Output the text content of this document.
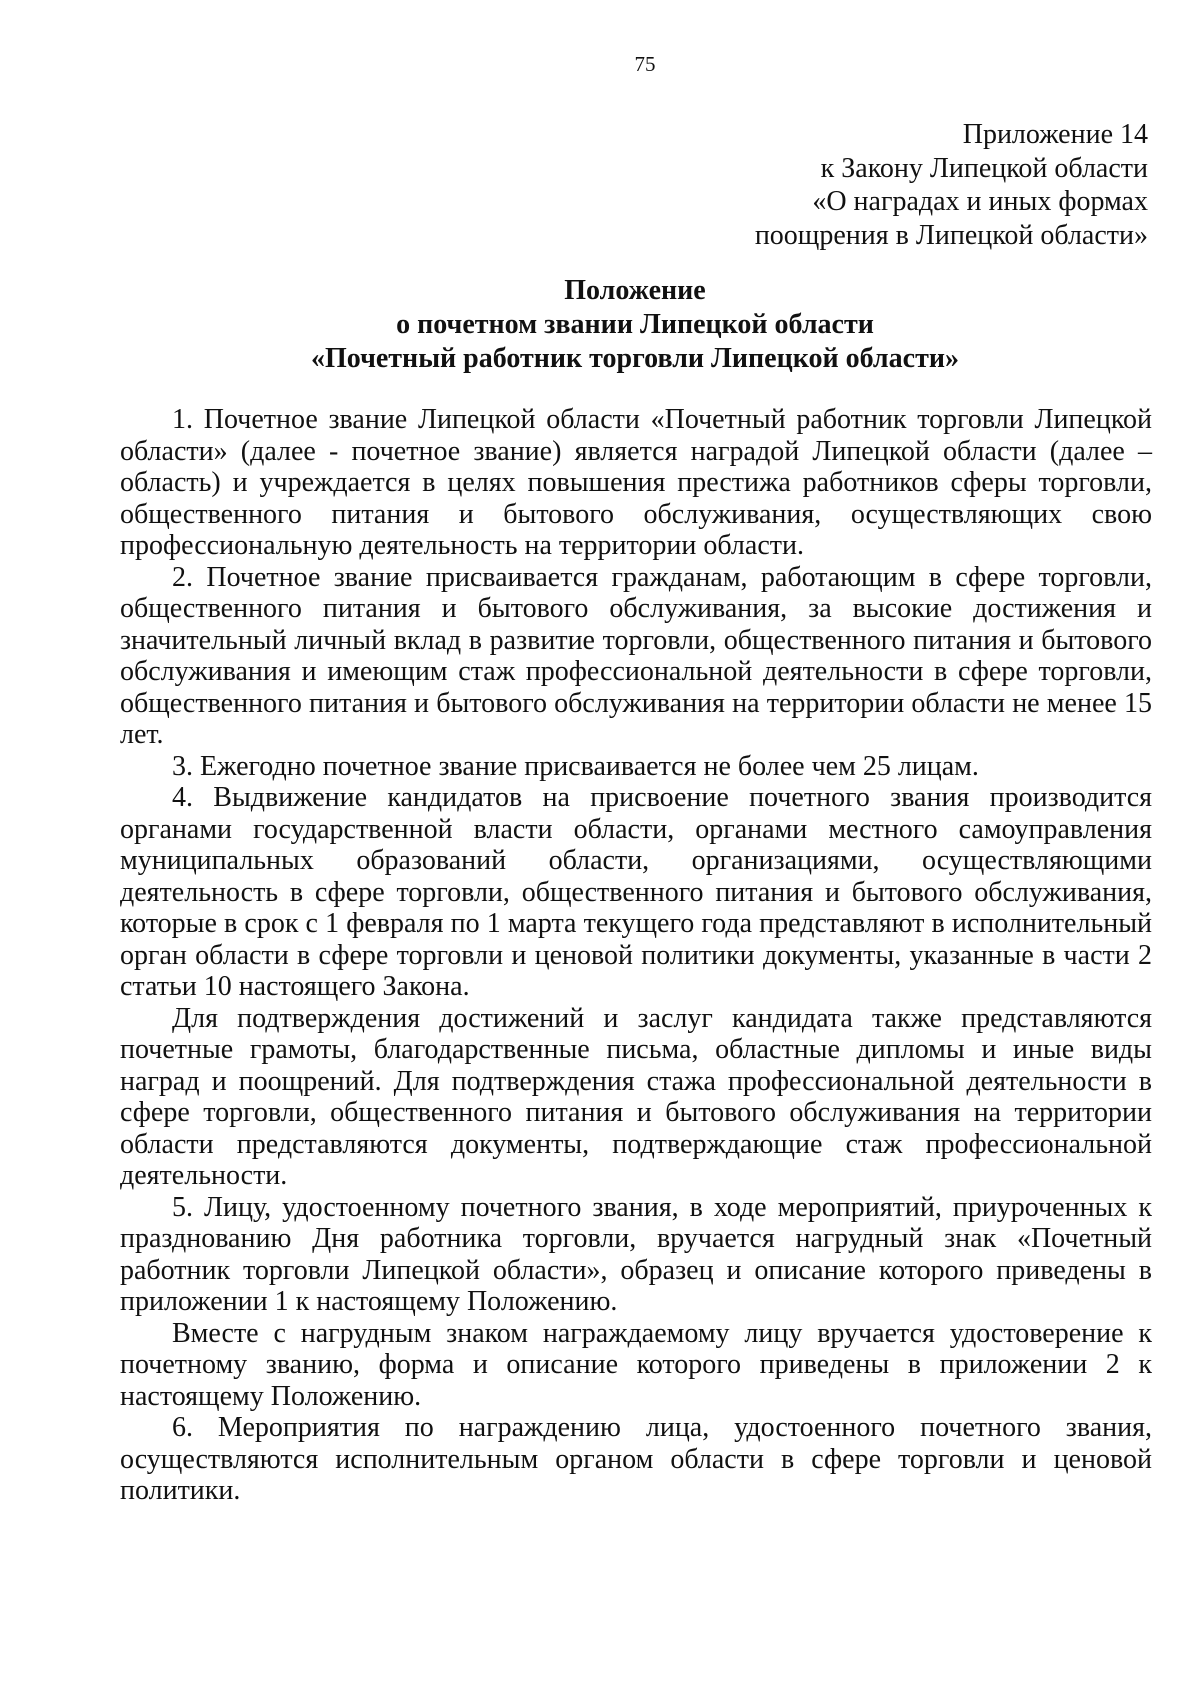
75
Приложение 14
к Закону Липецкой области
«О наградах и иных формах
поощрения в Липецкой области»
Положение
о почетном звании Липецкой области
«Почетный работник торговли Липецкой области»

1. Почетное звание Липецкой области «Почетный работник торговли Липецкой области» (далее - почетное звание) является наградой Липецкой области (далее – область) и учреждается в целях повышения престижа работников сферы торговли, общественного питания и бытового обслуживания, осуществляющих свою профессиональную деятельность на территории области.

2. Почетное звание присваивается гражданам, работающим в сфере торговли, общественного питания и бытового обслуживания, за высокие достижения и значительный личный вклад в развитие торговли, общественного питания и бытового обслуживания и имеющим стаж профессиональной деятельности в сфере торговли, общественного питания и бытового обслуживания на территории области не менее 15 лет.

3. Ежегодно почетное звание присваивается не более чем 25 лицам.

4. Выдвижение кандидатов на присвоение почетного звания производится органами государственной власти области, органами местного самоуправления муниципальных образований области, организациями, осуществляющими деятельность в сфере торговли, общественного питания и бытового обслуживания, которые в срок с 1 февраля по 1 марта текущего года представляют в исполнительный орган области в сфере торговли и ценовой политики документы, указанные в части 2 статьи 10 настоящего Закона.

Для подтверждения достижений и заслуг кандидата также представляются почетные грамоты, благодарственные письма, областные дипломы и иные виды наград и поощрений. Для подтверждения стажа профессиональной деятельности в сфере торговли, общественного питания и бытового обслуживания на территории области представляются документы, подтверждающие стаж профессиональной деятельности.

5. Лицу, удостоенному почетного звания, в ходе мероприятий, приуроченных к празднованию Дня работника торговли, вручается нагрудный знак «Почетный работник торговли Липецкой области», образец и описание которого приведены в приложении 1 к настоящему Положению.

Вместе с нагрудным знаком награждаемому лицу вручается удостоверение к почетному званию, форма и описание которого приведены в приложении 2 к настоящему Положению.

6. Мероприятия по награждению лица, удостоенного почетного звания, осуществляются исполнительным органом области в сфере торговли и ценовой политики.
